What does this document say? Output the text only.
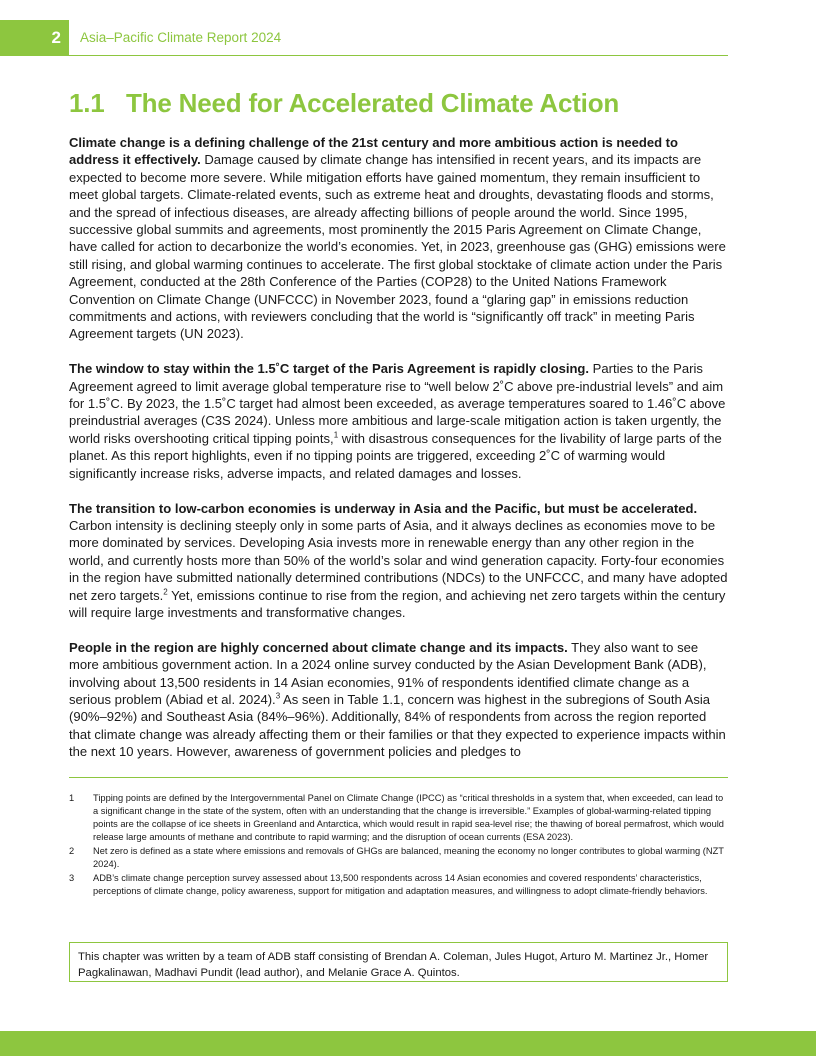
2	Asia–Pacific Climate Report 2024
1.1 The Need for Accelerated Climate Action

Climate change is a defining challenge of the 21st century and more ambitious action is needed to address it effectively. Damage caused by climate change has intensified in recent years, and its impacts are expected to become more severe. While mitigation efforts have gained momentum, they remain insufficient to meet global targets. Climate-related events, such as extreme heat and droughts, devastating floods and storms, and the spread of infectious diseases, are already affecting billions of people around the world. Since 1995, successive global summits and agreements, most prominently the 2015 Paris Agreement on Climate Change, have called for action to decarbonize the world’s economies. Yet, in 2023, greenhouse gas (GHG) emissions were still rising, and global warming continues to accelerate. The first global stocktake of climate action under the Paris Agreement, conducted at the 28th Conference of the Parties (COP28) to the United Nations Framework Convention on Climate Change (UNFCCC) in November 2023, found a “glaring gap” in emissions reduction commitments and actions, with reviewers concluding that the world is “significantly off track” in meeting Paris Agreement targets (UN 2023).

The window to stay within the 1.5˚C target of the Paris Agreement is rapidly closing. Parties to the Paris Agreement agreed to limit average global temperature rise to “well below 2˚C above pre-industrial levels” and aim for 1.5˚C. By 2023, the 1.5˚C target had almost been exceeded, as average temperatures soared to 1.46˚C above preindustrial averages (C3S 2024). Unless more ambitious and large-scale mitigation action is taken urgently, the world risks overshooting critical tipping points,$^1$ with disastrous consequences for the livability of large parts of the planet. As this report highlights, even if no tipping points are triggered, exceeding 2˚C of warming would significantly increase risks, adverse impacts, and related damages and losses.

The transition to low-carbon economies is underway in Asia and the Pacific, but must be accelerated. Carbon intensity is declining steeply only in some parts of Asia, and it always declines as economies move to be more dominated by services. Developing Asia invests more in renewable energy than any other region in the world, and currently hosts more than 50% of the world’s solar and wind generation capacity. Forty-four economies in the region have submitted nationally determined contributions (NDCs) to the UNFCCC, and many have adopted net zero targets.$^2$ Yet, emissions continue to rise from the region, and achieving net zero targets within the century will require large investments and transformative changes.

People in the region are highly concerned about climate change and its impacts. They also want to see more ambitious government action. In a 2024 online survey conducted by the Asian Development Bank (ADB), involving about 13,500 residents in 14 Asian economies, 91% of respondents identified climate change as a serious problem (Abiad et al. 2024).$^3$ As seen in Table 1.1, concern was highest in the subregions of South Asia (90%–92%) and Southeast Asia (84%–96%). Additionally, 84% of respondents from across the region reported that climate change was already affecting them or their families or that they expected to experience impacts within the next 10 years. However, awareness of government policies and pledges to

1	Tipping points are defined by the Intergovernmental Panel on Climate Change (IPCC) as “critical thresholds in a system that, when exceeded, can lead to a significant change in the state of the system, often with an understanding that the change is irreversible.” Examples of global-warming-related tipping points are the collapse of ice sheets in Greenland and Antarctica, which would result in rapid sea-level rise; the thawing of boreal permafrost, which would release large amounts of methane and contribute to rapid warming; and the disruption of ocean currents (ESA 2023).
2	Net zero is defined as a state where emissions and removals of GHGs are balanced, meaning the economy no longer contributes to global warming (NZT 2024).
3	ADB’s climate change perception survey assessed about 13,500 respondents across 14 Asian economies and covered respondents’ characteristics, perceptions of climate change, policy awareness, support for mitigation and adaptation measures, and willingness to adopt climate-friendly behaviors.
This chapter was written by a team of ADB staff consisting of Brendan A. Coleman, Jules Hugot, Arturo M. Martinez Jr., Homer Pagkalinawan, Madhavi Pundit (lead author), and Melanie Grace A. Quintos.
